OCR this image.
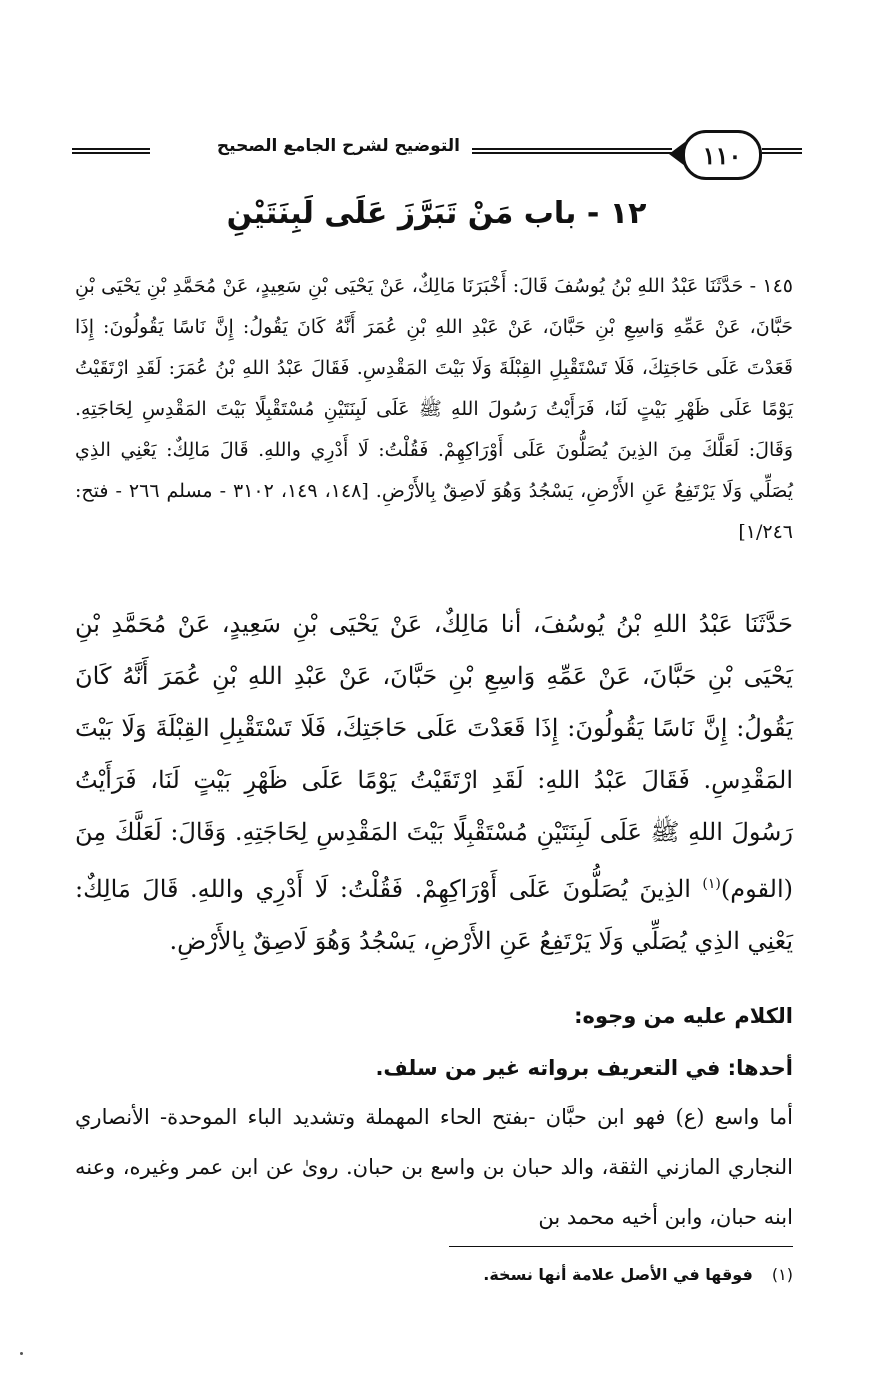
١١٠
التوضيح لشرح الجامع الصحيح
١٢ - باب مَنْ تَبَرَّزَ عَلَى لَبِنَتَيْنِ
١٤٥ - حَدَّثَنَا عَبْدُ اللهِ بْنُ يُوسُفَ قَالَ: أَخْبَرَنَا مَالِكٌ، عَنْ يَحْيَى بْنِ سَعِيدٍ، عَنْ مُحَمَّدِ بْنِ يَحْيَى بْنِ حَبَّانَ، عَنْ عَمِّهِ وَاسِعِ بْنِ حَبَّانَ، عَنْ عَبْدِ اللهِ بْنِ عُمَرَ أَنَّهُ كَانَ يَقُولُ: إِنَّ نَاسًا يَقُولُونَ: إِذَا قَعَدْتَ عَلَى حَاجَتِكَ، فَلَا تَسْتَقْبِلِ القِبْلَةَ وَلَا بَيْتَ المَقْدِسِ. فَقَالَ عَبْدُ اللهِ بْنُ عُمَرَ: لَقَدِ ارْتَقَيْتُ يَوْمًا عَلَى ظَهْرِ بَيْتٍ لَنَا، فَرَأَيْتُ رَسُولَ اللهِ ﷺ عَلَى لَبِنَتَيْنِ مُسْتَقْبِلًا بَيْتَ المَقْدِسِ لِحَاجَتِهِ. وَقَالَ: لَعَلَّكَ مِنَ الذِينَ يُصَلُّونَ عَلَى أَوْرَاكِهِمْ. فَقُلْتُ: لَا أَدْرِي واللهِ. قَالَ مَالِكٌ: يَعْنِي الذِي يُصَلِّي وَلَا يَرْتَفِعُ عَنِ الأَرْضِ، يَسْجُدُ وَهُوَ لَاصِقٌ بِالأَرْضِ. [١٤٨، ١٤٩، ٣١٠٢ - مسلم ٢٦٦ - فتح: ١/٢٤٦]

حَدَّثَنَا عَبْدُ اللهِ بْنُ يُوسُفَ، أنا مَالِكٌ، عَنْ يَحْيَى بْنِ سَعِيدٍ، عَنْ مُحَمَّدِ بْنِ يَحْيَى بْنِ حَبَّانَ، عَنْ عَمِّهِ وَاسِعِ بْنِ حَبَّانَ، عَنْ عَبْدِ اللهِ بْنِ عُمَرَ أَنَّهُ كَانَ يَقُولُ: إِنَّ نَاسًا يَقُولُونَ: إِذَا قَعَدْتَ عَلَى حَاجَتِكَ، فَلَا تَسْتَقْبِلِ القِبْلَةَ وَلَا بَيْتَ المَقْدِسِ. فَقَالَ عَبْدُ اللهِ: لَقَدِ ارْتَقَيْتُ يَوْمًا عَلَى ظَهْرِ بَيْتٍ لَنَا، فَرَأَيْتُ رَسُولَ اللهِ ﷺ عَلَى لَبِنَتَيْنِ مُسْتَقْبِلًا بَيْتَ المَقْدِسِ لِحَاجَتِهِ. وَقَالَ: لَعَلَّكَ مِنَ (القوم)$^{(١)}$ الذِينَ يُصَلُّونَ عَلَى أَوْرَاكِهِمْ. فَقُلْتُ: لَا أَدْرِي واللهِ. قَالَ مَالِكٌ: يَعْنِي الذِي يُصَلِّي وَلَا يَرْتَفِعُ عَنِ الأَرْضِ، يَسْجُدُ وَهُوَ لَاصِقٌ بِالأَرْضِ.

الكلام عليه من وجوه:
أحدها: في التعريف برواته غير من سلف.
أما واسع (ع) فهو ابن حبَّان -بفتح الحاء المهملة وتشديد الباء الموحدة- الأنصاري النجاري المازني الثقة، والد حبان بن واسع بن حبان. روىٰ عن ابن عمر وغيره، وعنه ابنه حبان، وابن أخيه محمد بن
(١) فوقها في الأصل علامة أنها نسخة.
